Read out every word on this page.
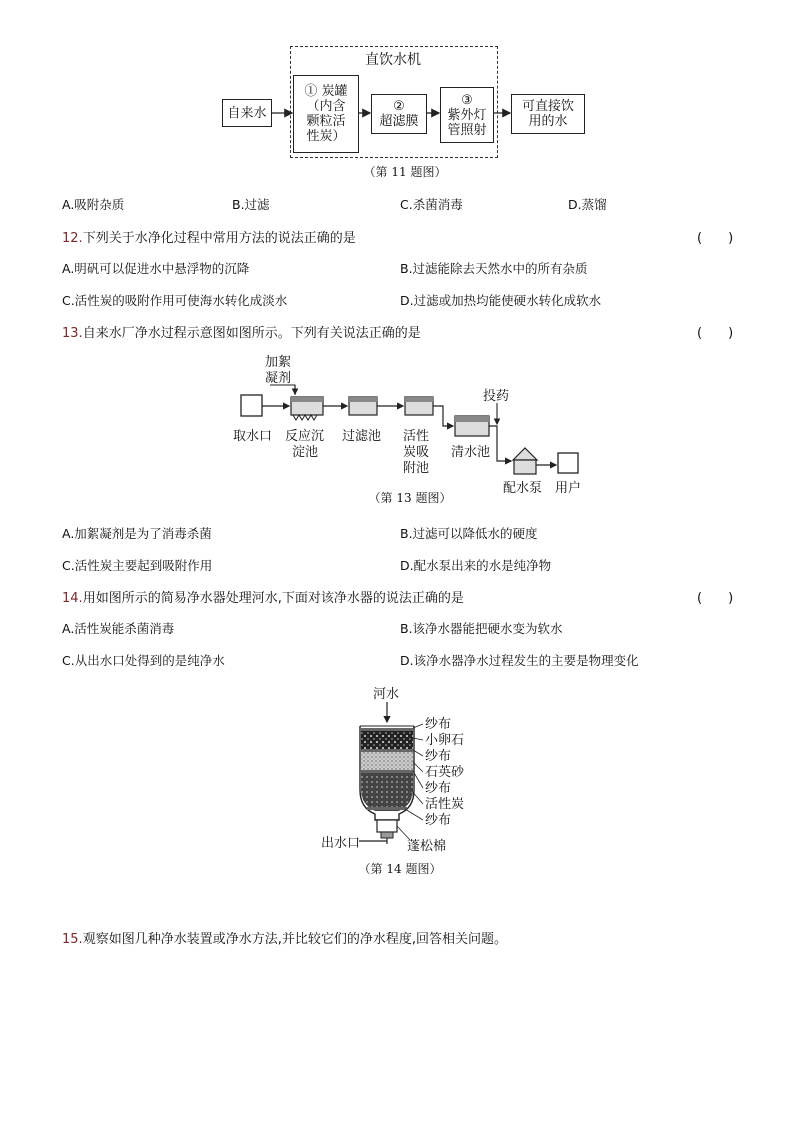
直饮水机
自来水
① 炭罐
（内含
颗粒活
性炭）
②
超滤膜
③
紫外灯
管照射
可直接饮
用的水
（第 11 题图）
A.吸附杂质	B.过滤	C.杀菌消毒	D.蒸馏
12.下列关于水净化过程中常用方法的说法正确的是	(　　)
A.明矾可以促进水中悬浮物的沉降	B.过滤能除去天然水中的所有杂质
C.活性炭的吸附作用可使海水转化成淡水	D.过滤或加热均能使硬水转化成软水
13.自来水厂净水过程示意图如图所示。下列有关说法正确的是	(　　)
加絮
凝剂
投药
取水口 反应沉
淀池
过滤池 活性
炭吸
附池
清水池
配水泵 用户
（第 13 题图）
A.加絮凝剂是为了消毒杀菌	B.过滤可以降低水的硬度
C.活性炭主要起到吸附作用	D.配水泵出来的水是纯净物
14.用如图所示的简易净水器处理河水,下面对该净水器的说法正确的是	(　　)
A.活性炭能杀菌消毒	B.该净水器能把硬水变为软水
C.从出水口处得到的是纯净水	D.该净水器净水过程发生的主要是物理变化
河水
纱布
小卵石
纱布
石英砂
纱布
活性炭
纱布
出水口	蓬松棉
（第 14 题图）
15.观察如图几种净水装置或净水方法,并比较它们的净水程度,回答相关问题。
